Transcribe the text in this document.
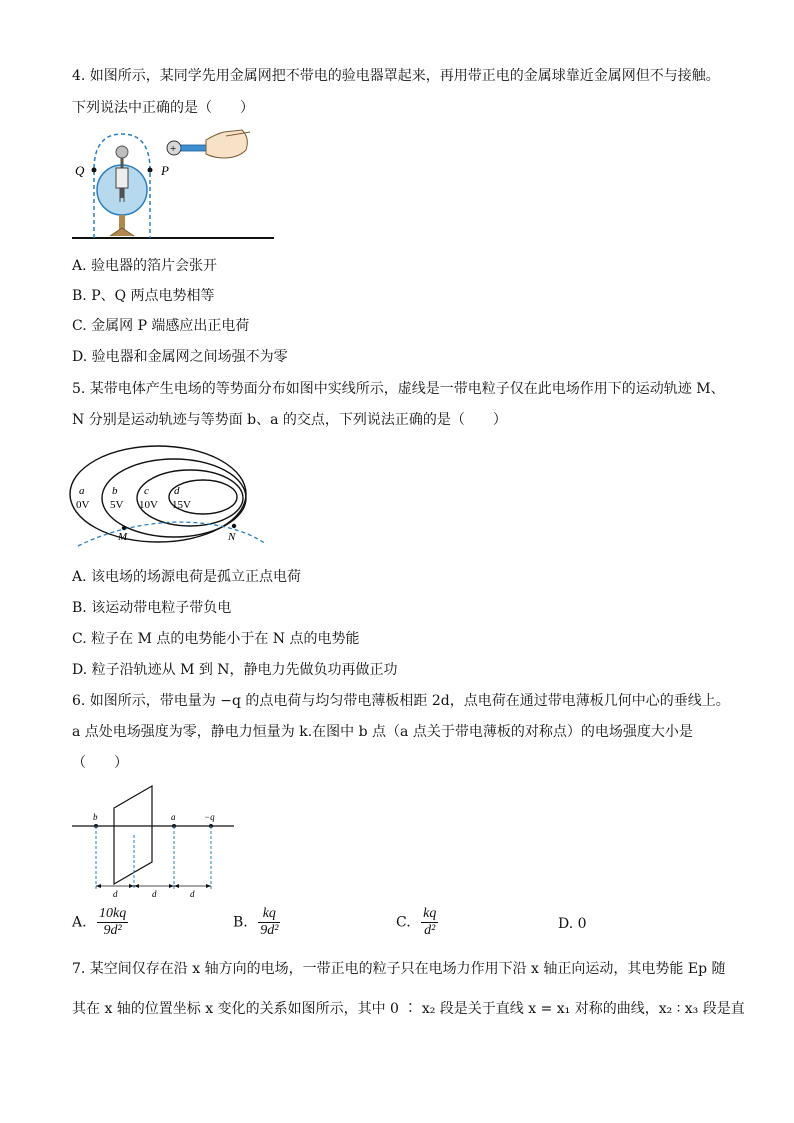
4. 如图所示，某同学先用金属网把不带电的验电器罩起来，再用带正电的金属球靠近金属网但不与接触。
下列说法中正确的是（　　）
Q	P
+
A. 验电器的箔片会张开
B. P、Q 两点电势相等
C. 金属网 P 端感应出正电荷
D. 验电器和金属网之间场强不为零
5. 某带电体产生电场的等势面分布如图中实线所示，虚线是一带电粒子仅在此电场作用下的运动轨迹 M、
N 分别是运动轨迹与等势面 b、a 的交点，下列说法正确的是（　　）
a
0V
b
5V
c
10V
d
15V
M	N
A. 该电场的场源电荷是孤立正点电荷
B. 该运动带电粒子带负电
C. 粒子在 M 点的电势能小于在 N 点的电势能
D. 粒子沿轨迹从 M 到 N，静电力先做负功再做正功
6. 如图所示，带电量为 −q 的点电荷与均匀带电薄板相距 2d，点电荷在通过带电薄板几何中心的垂线上。
a 点处电场强度为零，静电力恒量为 k.在图中 b 点（a 点关于带电薄板的对称点）的电场强度大小是
（　　）
b	a	−q
d	d	d
A. $\frac{10kq}{\text{9d²}}$	B. $\frac{kq}{\text{9d²}}$	C. $\frac{kq}{\text{d²}}$	D. 0
7. 某空间仅存在沿 x 轴方向的电场，一带正电的粒子只在电场力作用下沿 x 轴正向运动，其电势能 Ep 随
其在 x 轴的位置坐标 x 变化的关系如图所示，其中 0 ∶ x₂ 段是关于直线 x = x₁ 对称的曲线，x₂ ∶ x₃ 段是直
